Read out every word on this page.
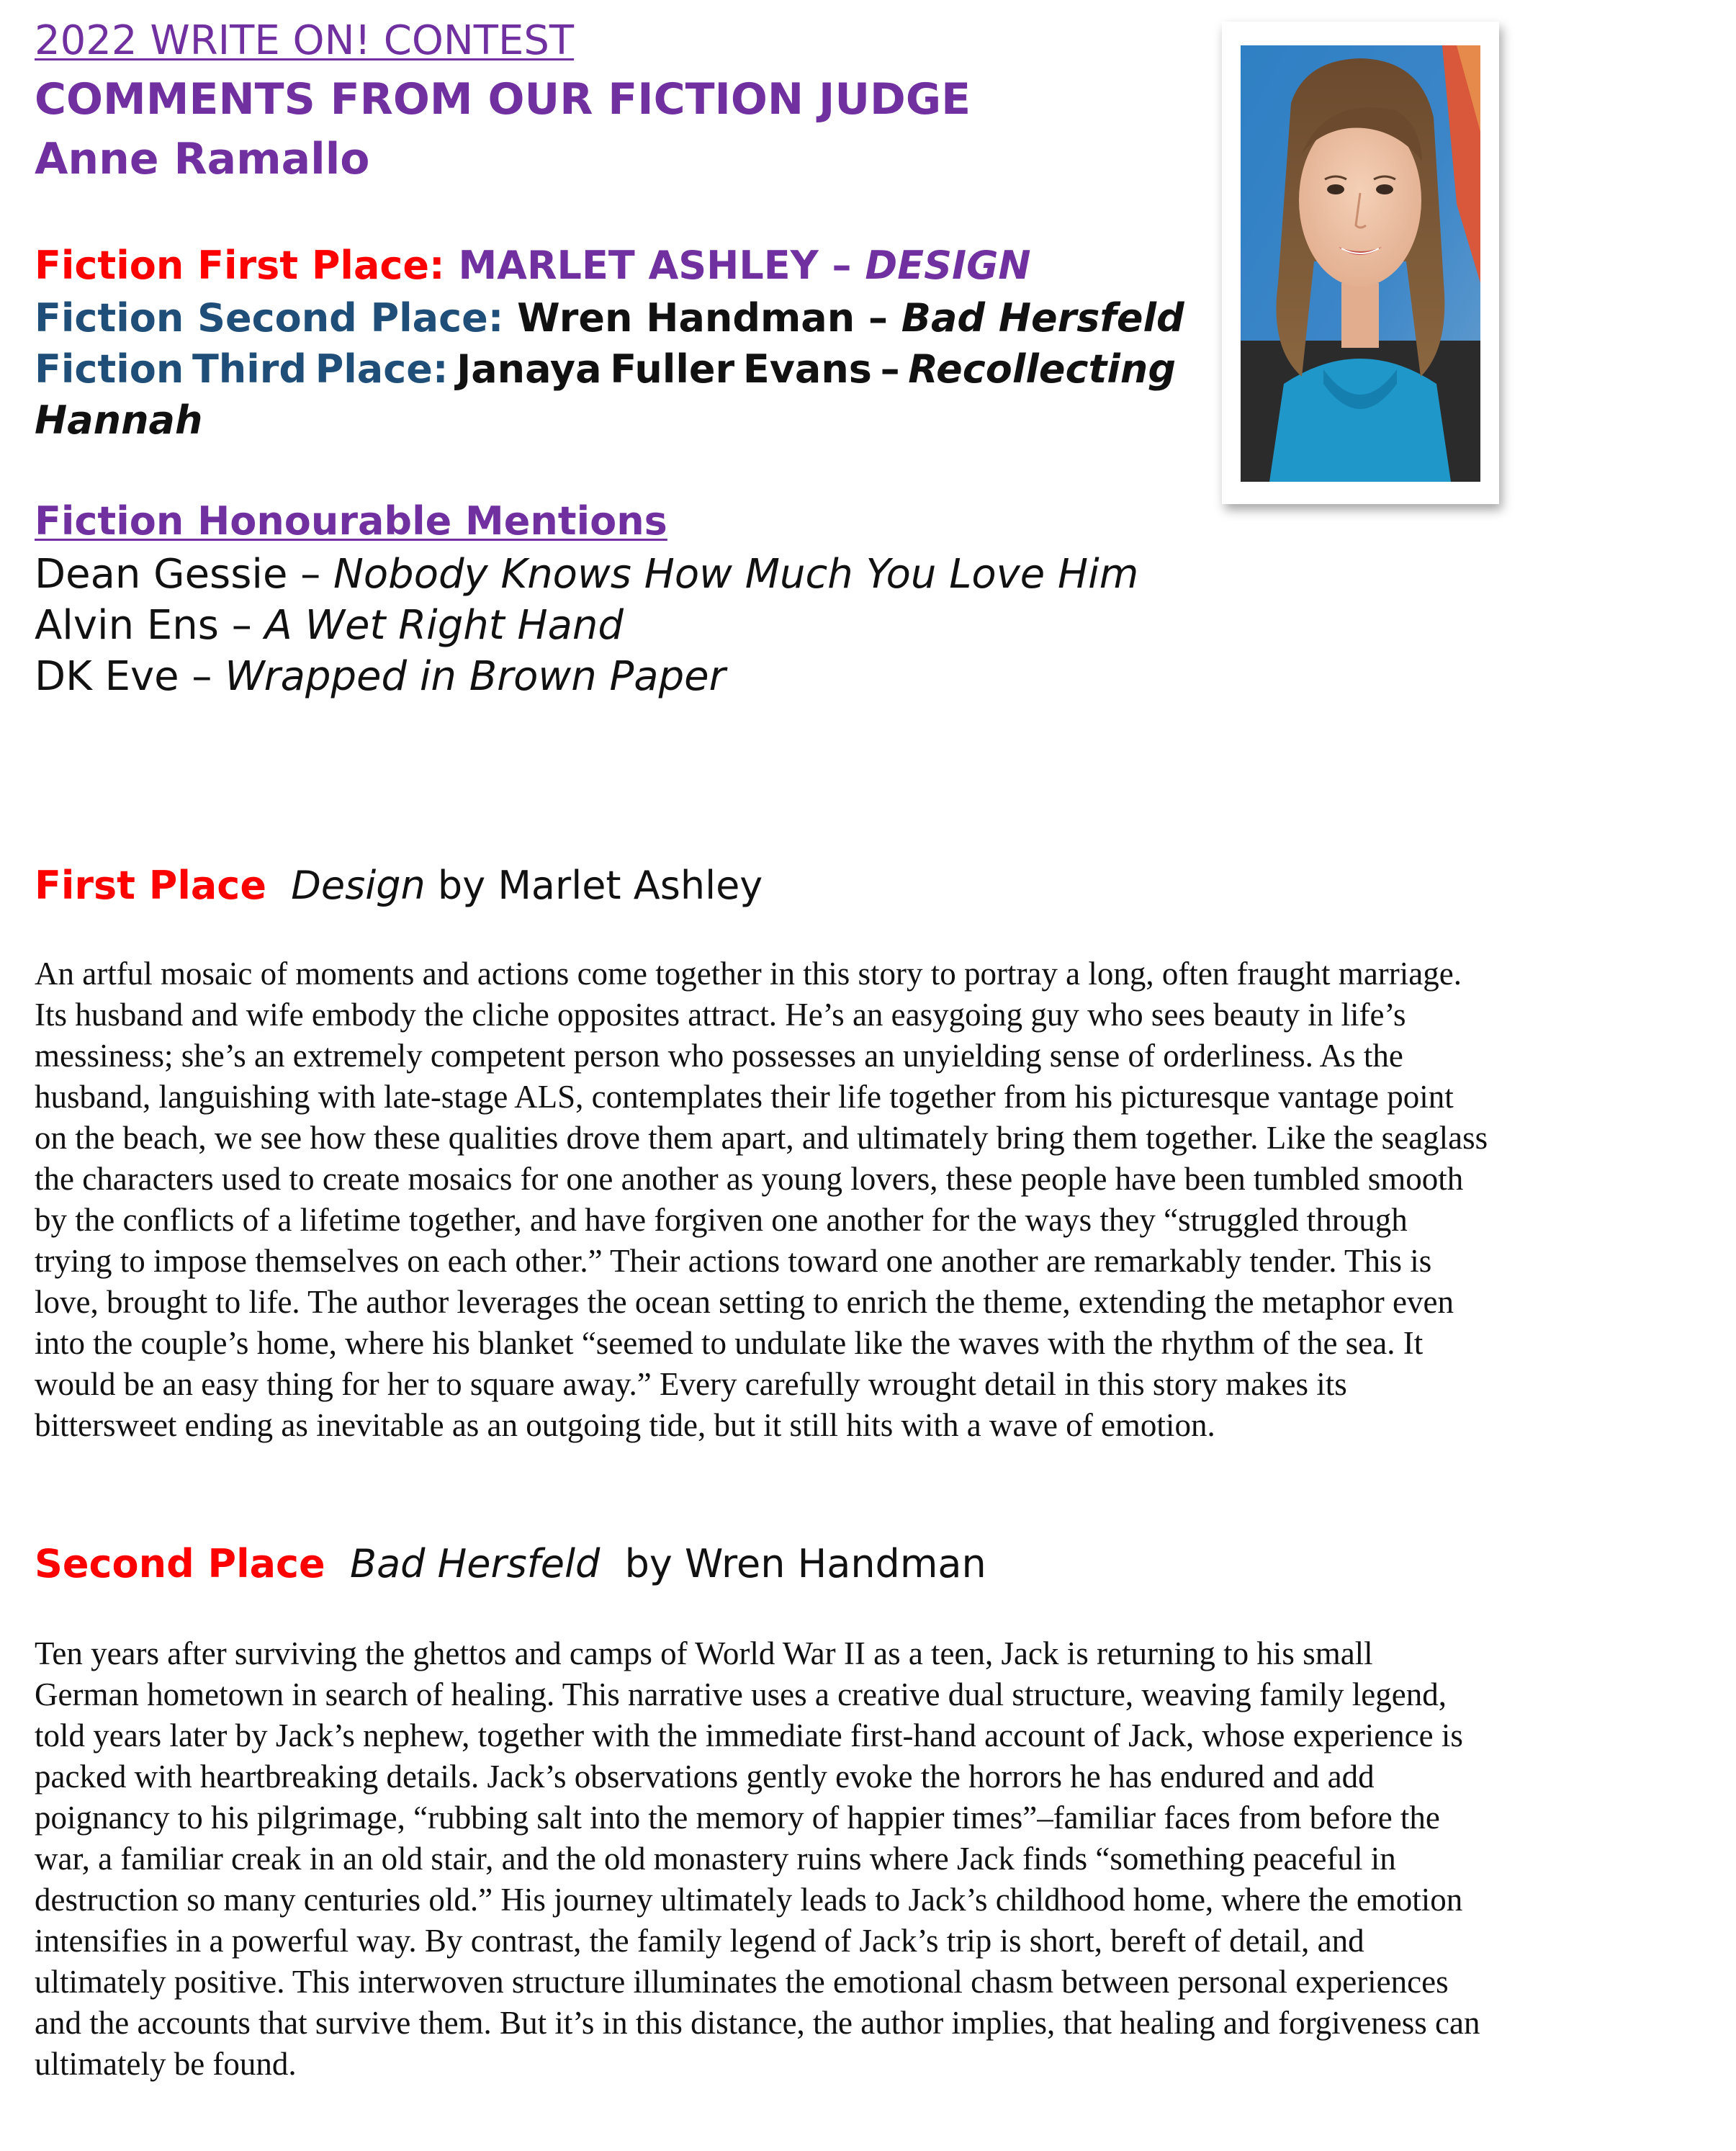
2022 WRITE ON! CONTEST
COMMENTS FROM OUR FICTION JUDGE
Anne Ramallo
Fiction First Place: MARLET ASHLEY – DESIGN
Fiction Second Place: Wren Handman – Bad Hersfeld
Fiction Third Place: Janaya Fuller Evans – Recollecting
Hannah
Fiction Honourable Mentions
Dean Gessie – Nobody Knows How Much You Love Him
Alvin Ens – A Wet Right Hand
DK Eve – Wrapped in Brown Paper
First Place Design by Marlet Ashley
An artful mosaic of moments and actions come together in this story to portray a long, often fraught marriage.
Its husband and wife embody the cliche opposites attract. He’s an easygoing guy who sees beauty in life’s
messiness; she’s an extremely competent person who possesses an unyielding sense of orderliness. As the
husband, languishing with late-stage ALS, contemplates their life together from his picturesque vantage point
on the beach, we see how these qualities drove them apart, and ultimately bring them together. Like the seaglass
the characters used to create mosaics for one another as young lovers, these people have been tumbled smooth
by the conflicts of a lifetime together, and have forgiven one another for the ways they “struggled through
trying to impose themselves on each other.” Their actions toward one another are remarkably tender. This is
love, brought to life. The author leverages the ocean setting to enrich the theme, extending the metaphor even
into the couple’s home, where his blanket “seemed to undulate like the waves with the rhythm of the sea. It
would be an easy thing for her to square away.” Every carefully wrought detail in this story makes its
bittersweet ending as inevitable as an outgoing tide, but it still hits with a wave of emotion.
Second Place Bad Hersfeld by Wren Handman
Ten years after surviving the ghettos and camps of World War II as a teen, Jack is returning to his small
German hometown in search of healing. This narrative uses a creative dual structure, weaving family legend,
told years later by Jack’s nephew, together with the immediate first-hand account of Jack, whose experience is
packed with heartbreaking details. Jack’s observations gently evoke the horrors he has endured and add
poignancy to his pilgrimage, “rubbing salt into the memory of happier times”–familiar faces from before the
war, a familiar creak in an old stair, and the old monastery ruins where Jack finds “something peaceful in
destruction so many centuries old.” His journey ultimately leads to Jack’s childhood home, where the emotion
intensifies in a powerful way. By contrast, the family legend of Jack’s trip is short, bereft of detail, and
ultimately positive. This interwoven structure illuminates the emotional chasm between personal experiences
and the accounts that survive them. But it’s in this distance, the author implies, that healing and forgiveness can
ultimately be found.
